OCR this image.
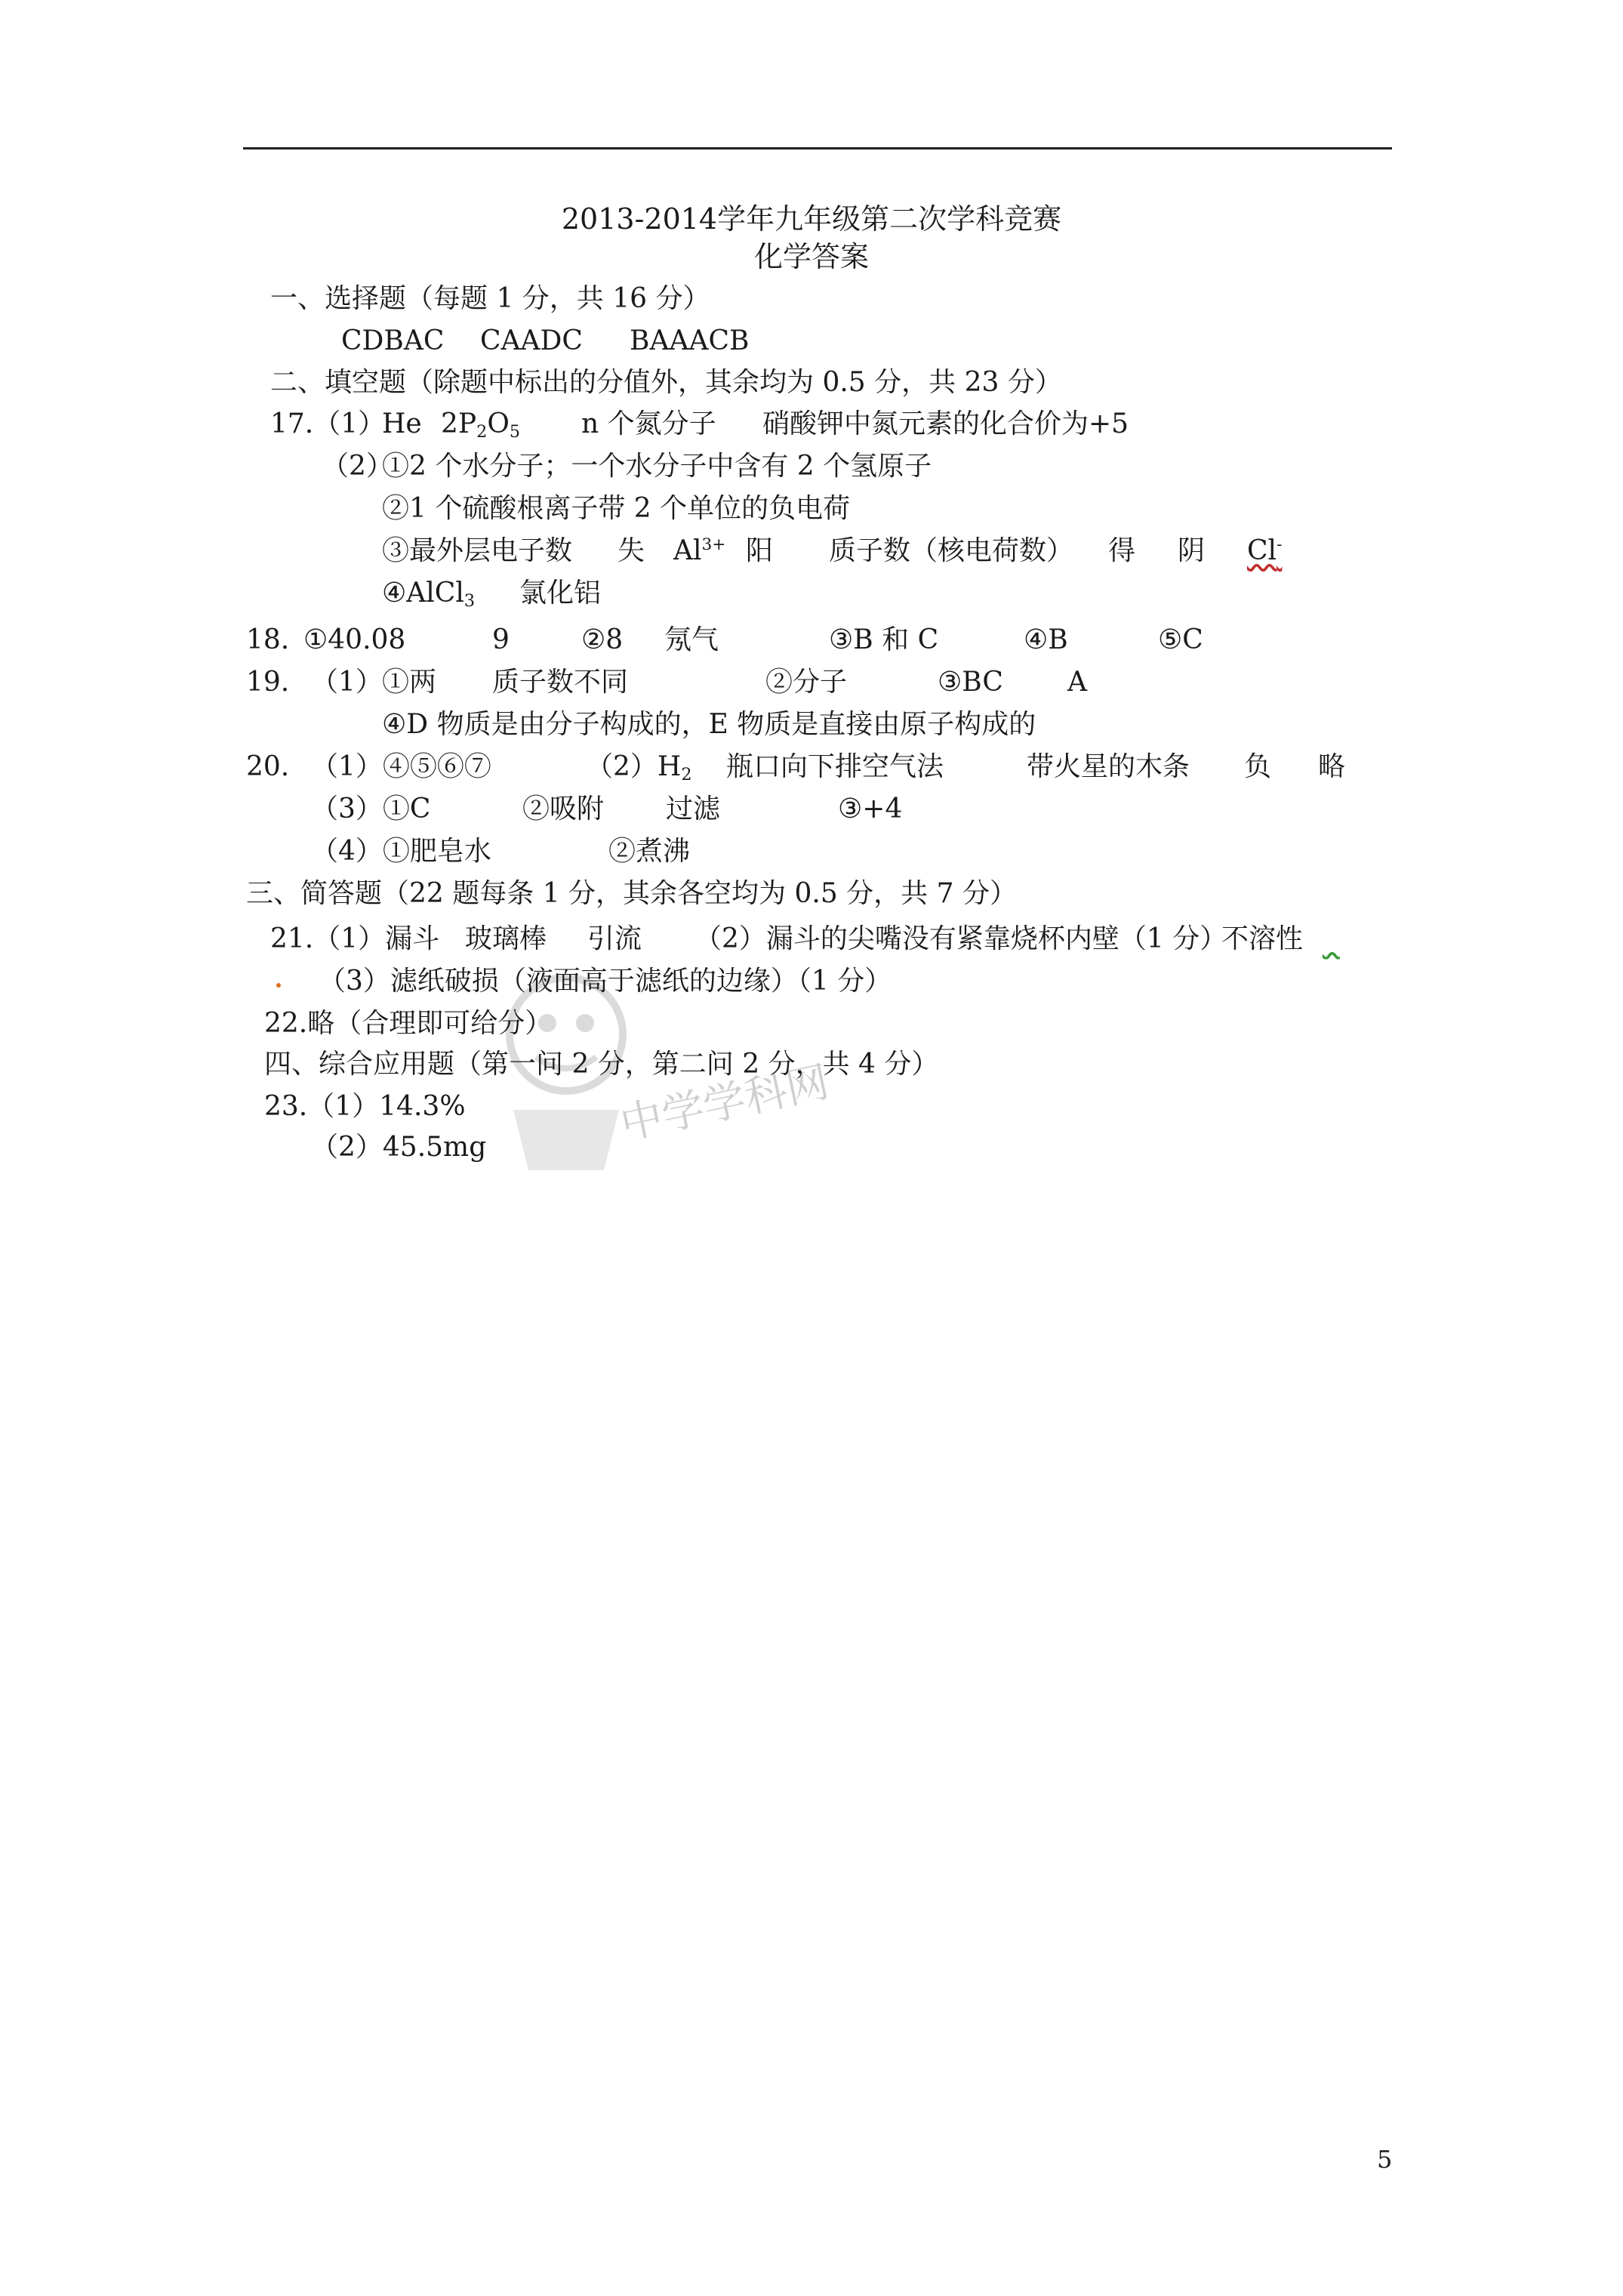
中学学科网
2013-2014学年九年级第二次学科竞赛
化学答案
一、选择题（每题 1 分，共 16 分）
CDBAC CAADC BAAACB
二、填空题（除题中标出的分值外，其余均为 0.5 分，共 23 分）
17.（1）
He 2P2O5 n 个氮分子 硝酸钾中氮元素的化合价为+5
（2）
①2 个水分子；一个水分子中含有 2 个氢原子
②1 个硫酸根离子带 2 个单位的负电荷
③最外层电子数 失 $Al^{3+}$ 阳 质子数（核电荷数） 得 阴 Cl-
④AlCl3 氯化铝
18. ①40.08	9	②8 氖气	③B 和 C	④B	⑤C
19. （1） ①两 质子数不同	②分子	③BC A
④D 物质是由分子构成的，E 物质是直接由原子构成的
20. （1）④⑤⑥⑦	（2）H2 瓶口向下排空气法	带火星的木条 负 略
（3）①C	②吸附 过滤	③+4
（4）①肥皂水	②煮沸
三、简答题（22 题每条 1 分，其余各空均为 0.5 分，共 7 分）
21.（1）漏斗 玻璃棒 引流 （2）漏斗的尖嘴没有紧靠烧杯内壁（1 分）
不溶性

（3）滤纸破损（液面高于滤纸的边缘）（1 分）
22.略（合理即可给分）
四、综合应用题（第一问 2 分，第二问 2 分，共 4 分）
23.（1）14.3%
（2）45.5mg
5
